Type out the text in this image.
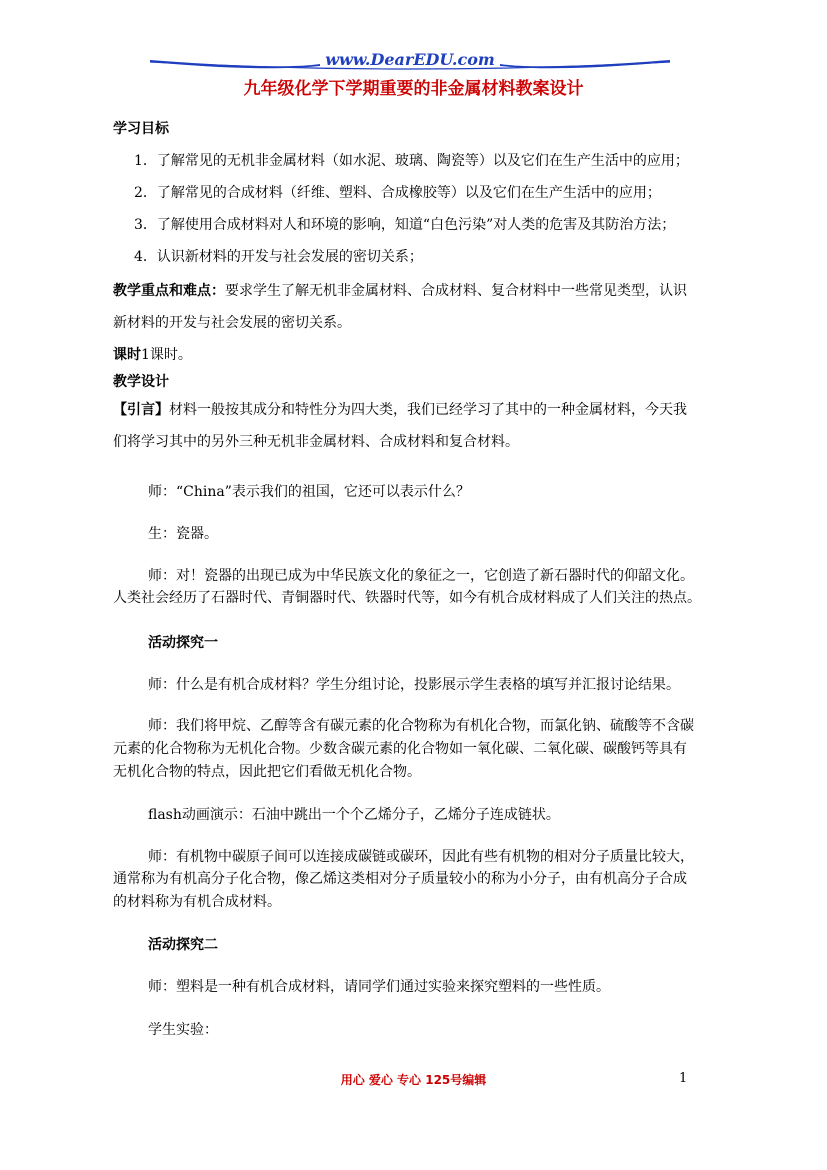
www.DearEDU.com
九年级化学下学期重要的非金属材料教案设计
学习目标
1．了解常见的无机非金属材料（如水泥、玻璃、陶瓷等）以及它们在生产生活中的应用；
2．了解常见的合成材料（纤维、塑料、合成橡胶等）以及它们在生产生活中的应用；
3．了解使用合成材料对人和环境的影响，知道“白色污染”对人类的危害及其防治方法；
4．认识新材料的开发与社会发展的密切关系；
教学重点和难点：要求学生了解无机非金属材料、合成材料、复合材料中一些常见类型，认识
新材料的开发与社会发展的密切关系。
课时1课时。
教学设计
【引言】材料一般按其成分和特性分为四大类，我们已经学习了其中的一种金属材料，今天我
们将学习其中的另外三种无机非金属材料、合成材料和复合材料。
师：“China”表示我们的祖国，它还可以表示什么？
生：瓷器。
师：对！瓷器的出现已成为中华民族文化的象征之一，它创造了新石器时代的仰韶文化。
人类社会经历了石器时代、青铜器时代、铁器时代等，如今有机合成材料成了人们关注的热点。
活动探究一
师：什么是有机合成材料？学生分组讨论，投影展示学生表格的填写并汇报讨论结果。
师：我们将甲烷、乙醇等含有碳元素的化合物称为有机化合物，而氯化钠、硫酸等不含碳
元素的化合物称为无机化合物。少数含碳元素的化合物如一氧化碳、二氧化碳、碳酸钙等具有
无机化合物的特点，因此把它们看做无机化合物。
flash动画演示：石油中跳出一个个乙烯分子，乙烯分子连成链状。
师：有机物中碳原子间可以连接成碳链或碳环，因此有些有机物的相对分子质量比较大，
通常称为有机高分子化合物，像乙烯这类相对分子质量较小的称为小分子，由有机高分子合成
的材料称为有机合成材料。
活动探究二
师：塑料是一种有机合成材料，请同学们通过实验来探究塑料的一些性质。
学生实验：
用心 爱心 专心 125号编辑	1
